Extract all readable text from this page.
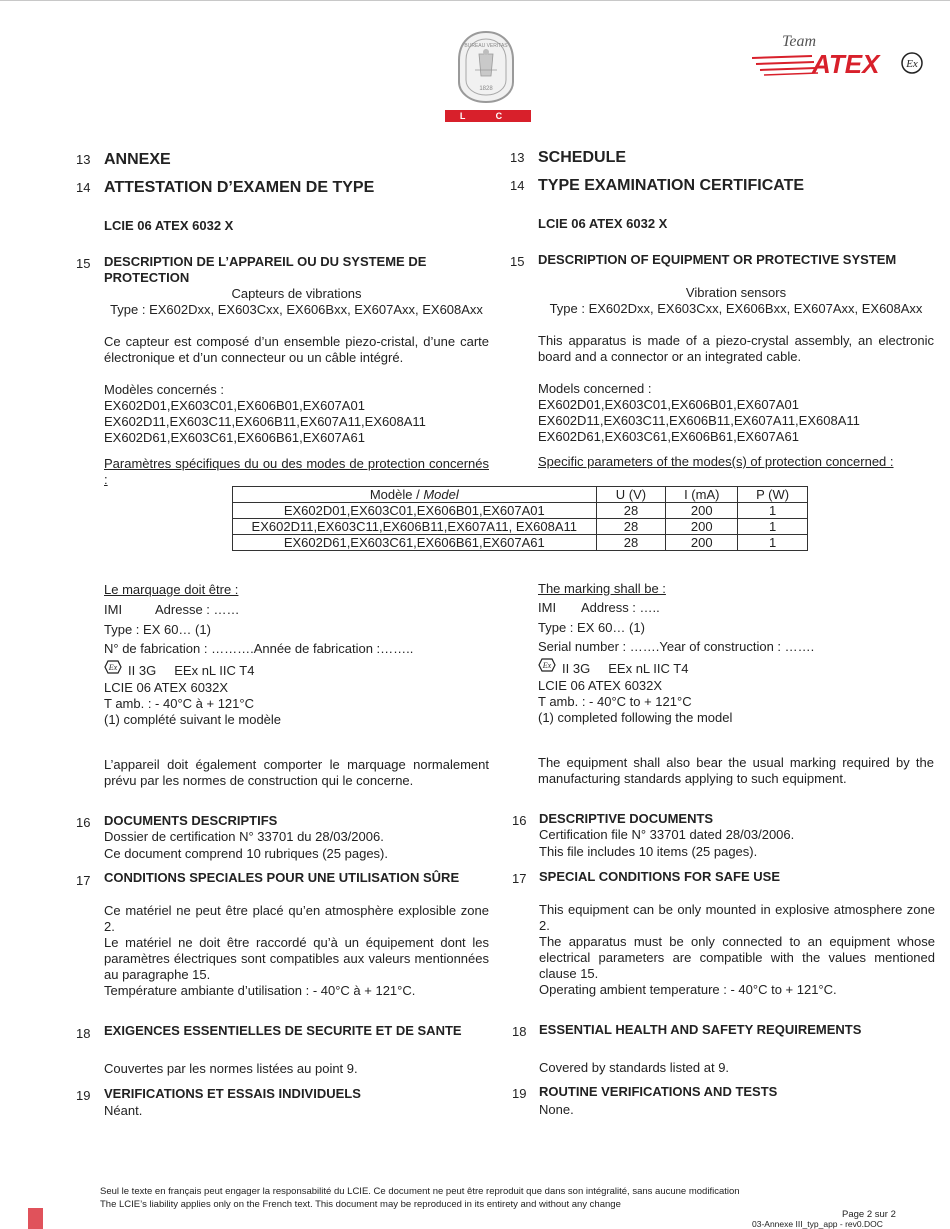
BUREAU VERITAS
1828
L C I E
Team
ATEX Ex
13 ANNEXE
14 ATTESTATION D’EXAMEN DE TYPE
LCIE 06 ATEX 6032 X
15 DESCRIPTION DE L’APPAREIL OU DU SYSTEME DE PROTECTION
Capteurs de vibrations
Type : EX602Dxx, EX603Cxx, EX606Bxx, EX607Axx, EX608Axx
Ce capteur est composé d’un ensemble piezo-cristal, d’une carte électronique et d’un connecteur ou un câble intégré.
Modèles concernés :
EX602D01,EX603C01,EX606B01,EX607A01
EX602D11,EX603C11,EX606B11,EX607A11,EX608A11
EX602D61,EX603C61,EX606B61,EX607A61
Paramètres spécifiques du ou des modes de protection concernés :
13 SCHEDULE
14 TYPE EXAMINATION CERTIFICATE
LCIE 06 ATEX 6032 X
15 DESCRIPTION OF EQUIPMENT OR PROTECTIVE SYSTEM
Vibration sensors
Type : EX602Dxx, EX603Cxx, EX606Bxx, EX607Axx, EX608Axx
This apparatus is made of a piezo-crystal assembly, an electronic board and a connector or an integrated cable.
Models concerned :
EX602D01,EX603C01,EX606B01,EX607A01
EX602D11,EX603C11,EX606B11,EX607A11,EX608A11
EX602D61,EX603C61,EX606B61,EX607A61
Specific parameters of the modes(s) of protection concerned :
Modèle / Model	U (V)	I (mA)	P (W)
EX602D01,EX603C01,EX606B01,EX607A01	28	200	1
EX602D11,EX603C11,EX606B11,EX607A11, EX608A11	28	200	1
EX602D61,EX603C61,EX606B61,EX607A61	28	200	1
Le marquage doit être :
IMI	Adresse : ……
Type : EX 60… (1)
N° de fabrication : ……….Année de fabrication :……..
Ex II 3G     EEx nL IIC T4
LCIE 06 ATEX 6032X
T amb. : - 40°C à + 121°C
(1) complété suivant le modèle
L’appareil doit également comporter le marquage normalement prévu par les normes de construction qui le concerne.
The marking shall be :
IMI Address : …..
Type : EX 60… (1)
Serial number : …….Year of construction : …….
Ex II 3G     EEx nL IIC T4
LCIE 06 ATEX 6032X
T amb. : - 40°C to + 121°C
(1) completed following the model
The equipment shall also bear the usual marking required by the manufacturing standards applying to such equipment.
16 DOCUMENTS DESCRIPTIFS
Dossier de certification N° 33701 du 28/03/2006.
Ce document comprend 10 rubriques (25 pages).
16 DESCRIPTIVE DOCUMENTS
Certification file N° 33701 dated 28/03/2006.
This file includes 10 items (25 pages).
17 CONDITIONS SPECIALES POUR UNE UTILISATION SÛRE
Ce matériel ne peut être placé qu’en atmosphère explosible zone 2.
Le matériel ne doit être raccordé qu’à un équipement dont les paramètres électriques sont compatibles aux valeurs mentionnées au paragraphe 15.
Température ambiante d’utilisation : - 40°C à + 121°C.
17 SPECIAL CONDITIONS FOR SAFE USE
This equipment can be only mounted in explosive atmosphere zone 2.
The apparatus must be only connected to an equipment whose electrical parameters are compatible with the values mentioned clause 15.
Operating ambient temperature : - 40°C to + 121°C.
18 EXIGENCES ESSENTIELLES DE SECURITE ET DE SANTE
Couvertes par les normes listées au point 9.
18 ESSENTIAL HEALTH AND SAFETY REQUIREMENTS
Covered by standards listed at 9.
19 VERIFICATIONS ET ESSAIS INDIVIDUELS
Néant.
19 ROUTINE VERIFICATIONS AND TESTS
None.
Seul le texte en français peut engager la responsabilité du LCIE. Ce document ne peut être reproduit que dans son intégralité, sans aucune modification
The LCIE’s liability applies only on the French text. This document may be reproduced in its entirety and without any change
Page 2 sur 2
03-Annexe III_typ_app - rev0.DOC
